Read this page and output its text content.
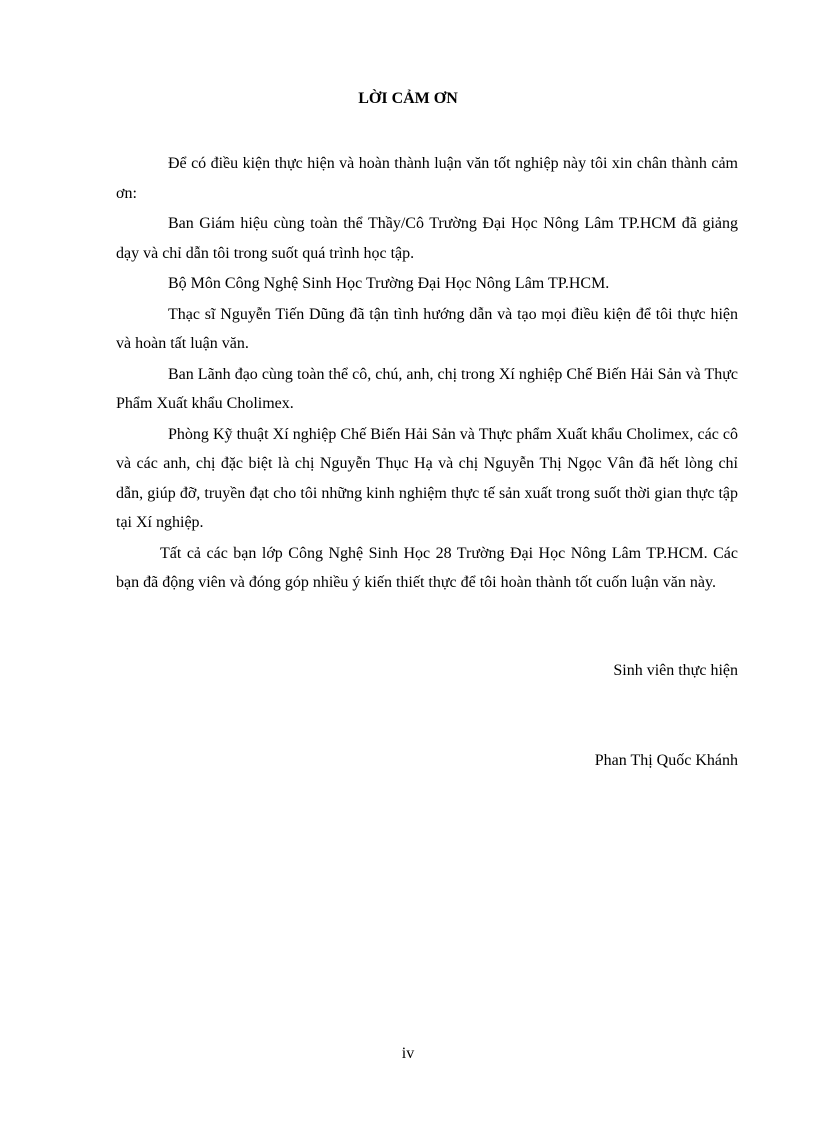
LỜI CẢM ƠN

Để có điều kiện thực hiện và hoàn thành luận văn tốt nghiệp này tôi xin chân thành cảm ơn:

Ban Giám hiệu cùng toàn thể Thầy/Cô Trường Đại Học Nông Lâm TP.HCM đã giảng dạy và chỉ dẫn tôi trong suốt quá trình học tập.

Bộ Môn Công Nghệ Sinh Học Trường Đại Học Nông Lâm TP.HCM.

Thạc sĩ Nguyễn Tiến Dũng đã tận tình hướng dẫn và tạo mọi điều kiện để tôi thực hiện và hoàn tất luận văn.

Ban Lãnh đạo cùng toàn thể cô, chú, anh, chị trong Xí nghiệp Chế Biến Hải Sản và Thực Phẩm Xuất khẩu Cholimex.

Phòng Kỹ thuật Xí nghiệp Chế Biến Hải Sản và Thực phẩm Xuất khẩu Cholimex, các cô và các anh, chị đặc biệt là chị Nguyễn Thục Hạ và chị Nguyễn Thị Ngọc Vân đã hết lòng chỉ dẫn, giúp đỡ, truyền đạt cho tôi những kinh nghiệm thực tế sản xuất trong suốt thời gian thực tập tại Xí nghiệp.

Tất cả các bạn lớp Công Nghệ Sinh Học 28 Trường Đại Học Nông Lâm TP.HCM. Các bạn đã động viên và đóng góp nhiều ý kiến thiết thực để tôi hoàn thành tốt cuốn luận văn này.

Sinh viên thực hiện
Phan Thị Quốc Khánh
iv
